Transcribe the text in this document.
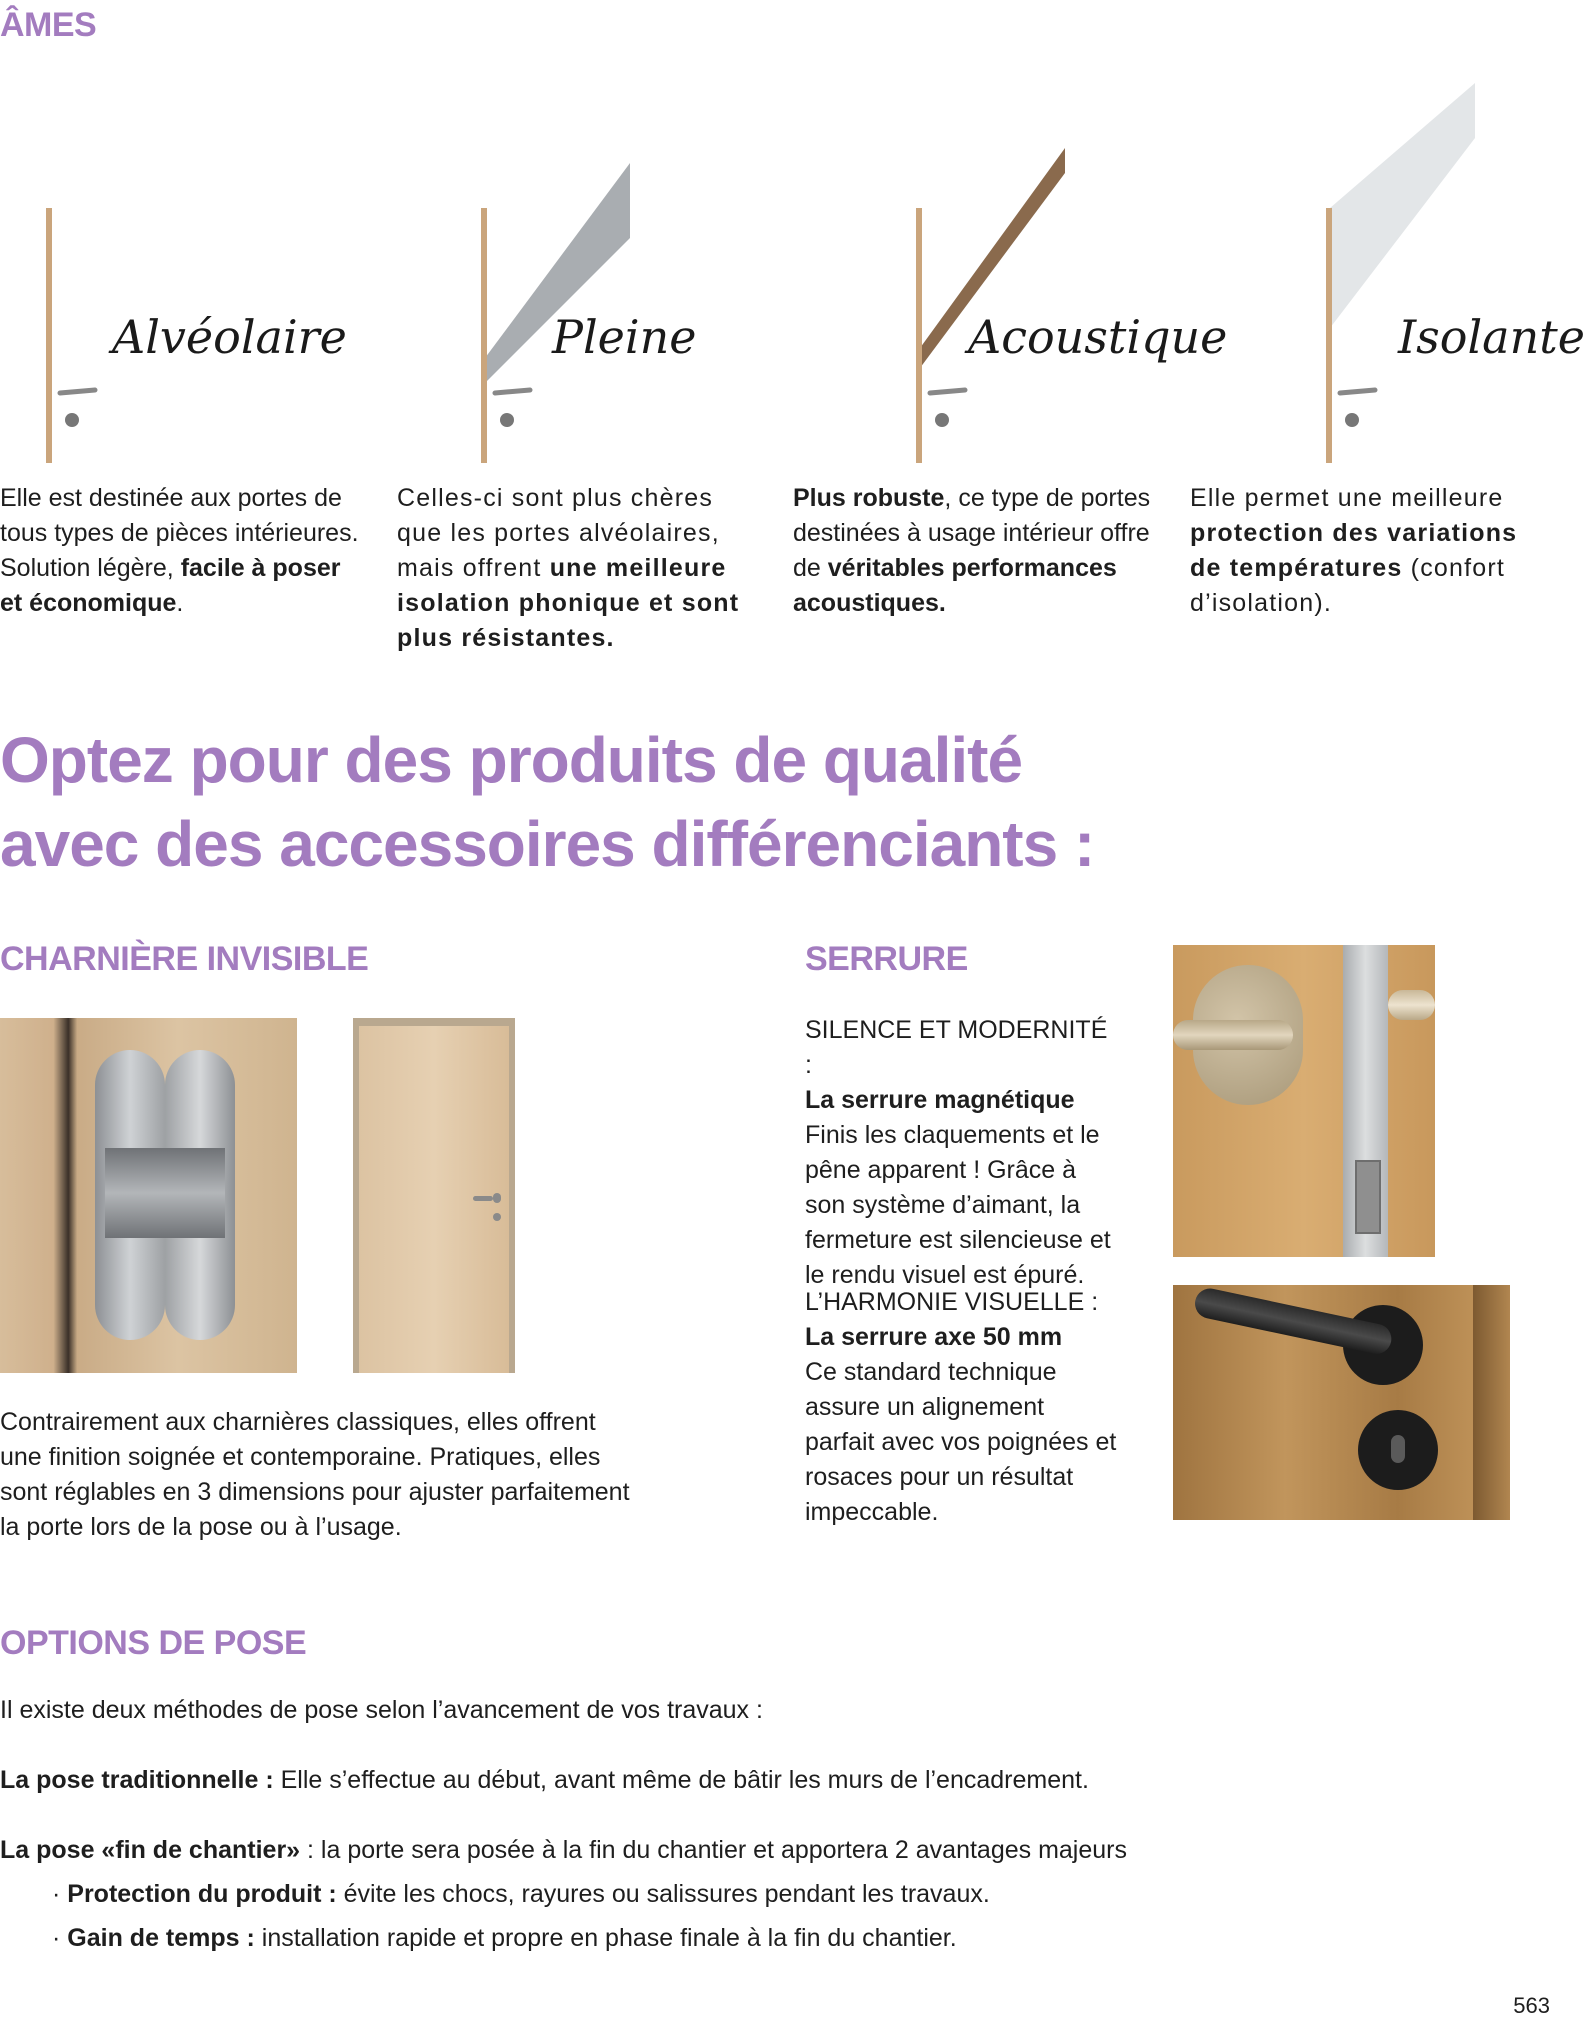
ÂMES
Alvéolaire	Pleine	Acoustique	Isolante

Elle est destinée aux portes de tous types de pièces intérieures. Solution légère, facile à poser et économique.

Celles-ci sont plus chères que les portes alvéolaires, mais offrent une meilleure isolation phonique et sont plus résistantes.

Plus robuste, ce type de portes destinées à usage intérieur offre de véritables performances acoustiques.

Elle permet une meilleure protection des variations de températures (confort d’isolation).

Optez pour des produits de qualité
avec des accessoires différenciants :
CHARNIÈRE INVISIBLE

Contrairement aux charnières classiques, elles offrent une finition soignée et contemporaine. Pratiques, elles sont réglables en 3 dimensions pour ajuster parfaitement la porte lors de la pose ou à l’usage.

SERRURE
SILENCE ET MODERNITÉ :
La serrure magnétique
Finis les claquements et le pêne apparent ! Grâce à son système d’aimant, la fermeture est silencieuse et le rendu visuel est épuré.
L’HARMONIE VISUELLE :
La serrure axe 50 mm
Ce standard technique assure un alignement parfait avec vos poignées et rosaces pour un résultat impeccable.
OPTIONS DE POSE

Il existe deux méthodes de pose selon l’avancement de vos travaux :

La pose traditionnelle : Elle s’effectue au début, avant même de bâtir les murs de l’encadrement.

La pose «fin de chantier» : la porte sera posée à la fin du chantier et apportera 2 avantages majeurs

· Protection du produit : évite les chocs, rayures ou salissures pendant les travaux.

· Gain de temps : installation rapide et propre en phase finale à la fin du chantier.

563
